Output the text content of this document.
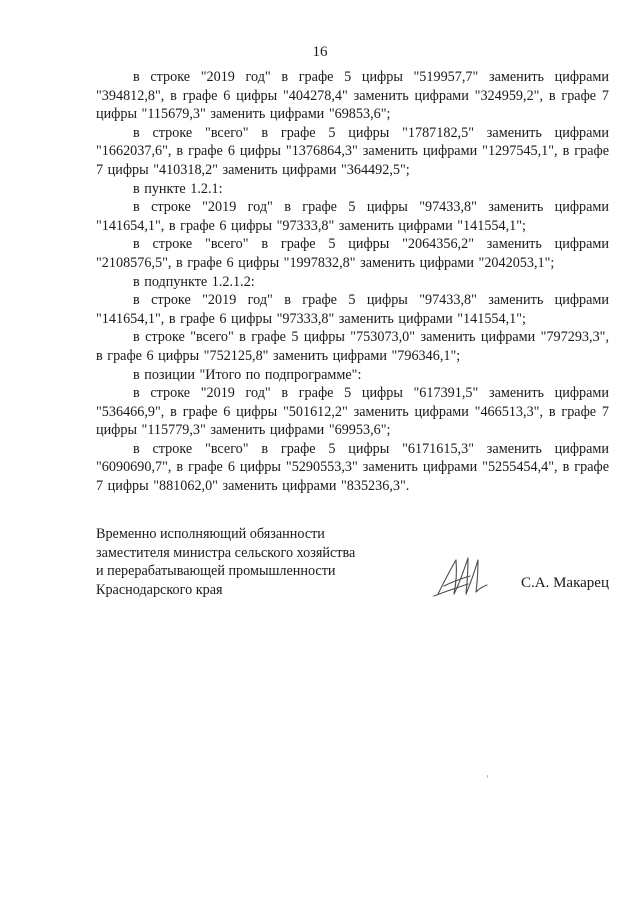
16

в строке "2019 год" в графе 5 цифры "519957,7" заменить цифрами "394812,8", в графе 6 цифры "404278,4" заменить цифрами "324959,2", в графе 7 цифры "115679,3" заменить цифрами "69853,6";

в строке "всего" в графе 5 цифры "1787182,5" заменить цифрами "1662037,6", в графе 6 цифры "1376864,3" заменить цифрами "1297545,1", в графе 7 цифры "410318,2" заменить цифрами "364492,5";

в пункте 1.2.1:

в строке "2019 год" в графе 5 цифры "97433,8" заменить цифрами "141654,1", в графе 6 цифры "97333,8" заменить цифрами "141554,1";

в строке "всего" в графе 5 цифры "2064356,2" заменить цифрами "2108576,5", в графе 6 цифры "1997832,8" заменить цифрами "2042053,1";

в подпункте 1.2.1.2:

в строке "2019 год" в графе 5 цифры "97433,8" заменить цифрами "141654,1", в графе 6 цифры "97333,8" заменить цифрами "141554,1";

в строке "всего" в графе 5 цифры "753073,0" заменить цифрами "797293,3", в графе 6 цифры "752125,8" заменить цифрами "796346,1";

в позиции "Итого по подпрограмме":

в строке "2019 год" в графе 5 цифры "617391,5" заменить цифрами "536466,9", в графе 6 цифры "501612,2" заменить цифрами "466513,3", в графе 7 цифры "115779,3" заменить цифрами "69953,6";

в строке "всего" в графе 5 цифры "6171615,3" заменить цифрами "6090690,7", в графе 6 цифры "5290553,3" заменить цифрами "5255454,4", в графе 7 цифры "881062,0" заменить цифрами "835236,3".

Временно исполняющий обязанности
заместителя министра сельского хозяйства
и перерабатывающей промышленности
Краснодарского края	С.А. Макарец
